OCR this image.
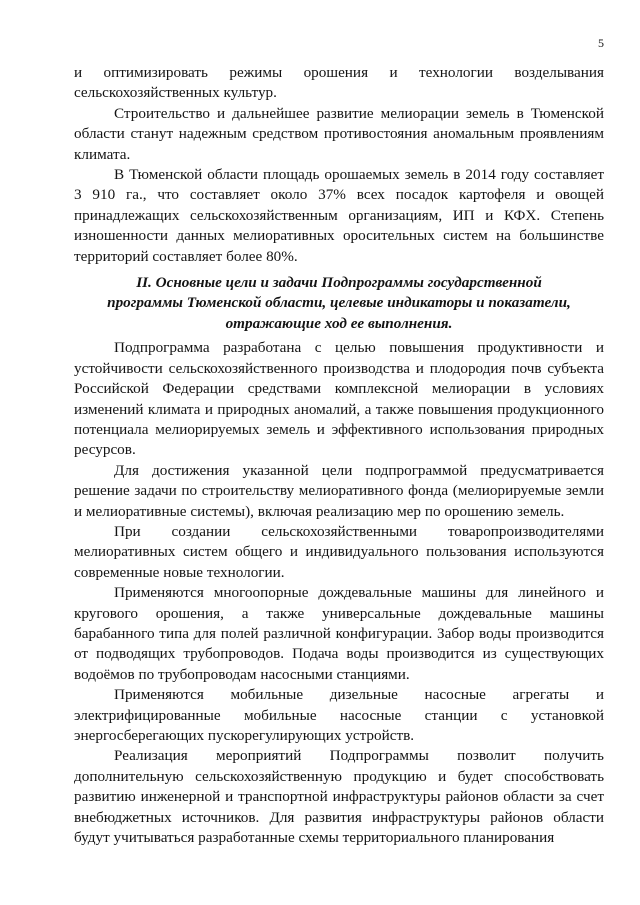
5

и оптимизировать режимы орошения и технологии возделывания сельскохозяйственных культур.

Строительство и дальнейшее развитие мелиорации земель в Тюменской области станут надежным средством противостояния аномальным проявлениям климата.

В Тюменской области площадь орошаемых земель в 2014 году составляет 3 910 га., что составляет около 37% всех посадок картофеля и овощей принадлежащих сельскохозяйственным организациям, ИП и КФХ. Степень изношенности данных мелиоративных оросительных систем на большинстве территорий составляет более 80%.

II. Основные цели и задачи Подпрограммы государственной
программы Тюменской области, целевые индикаторы и показатели,
отражающие ход ее выполнения.

Подпрограмма разработана с целью повышения продуктивности и устойчивости сельскохозяйственного производства и плодородия почв субъекта Российской Федерации средствами комплексной мелиорации в условиях изменений климата и природных аномалий, а также повышения продукционного потенциала мелиорируемых земель и эффективного использования природных ресурсов.

Для достижения указанной цели подпрограммой предусматривается решение задачи по строительству мелиоративного фонда (мелиорируемые земли и мелиоративные системы), включая реализацию мер по орошению земель.

При создании сельскохозяйственными товаропроизводителями мелиоративных систем общего и индивидуального пользования используются современные новые технологии.

Применяются многоопорные дождевальные машины для линейного и кругового орошения, а также универсальные дождевальные машины барабанного типа для полей различной конфигурации. Забор воды производится от подводящих трубопроводов. Подача воды производится из существующих водоёмов по трубопроводам насосными станциями.

Применяются мобильные дизельные насосные агрегаты и электрифицированные мобильные насосные станции с установкой энергосберегающих пускорегулирующих устройств.

Реализация мероприятий Подпрограммы позволит получить дополнительную сельскохозяйственную продукцию и будет способствовать развитию инженерной и транспортной инфраструктуры районов области за счет внебюджетных источников. Для развития инфраструктуры районов области будут учитываться разработанные схемы территориального планирования
